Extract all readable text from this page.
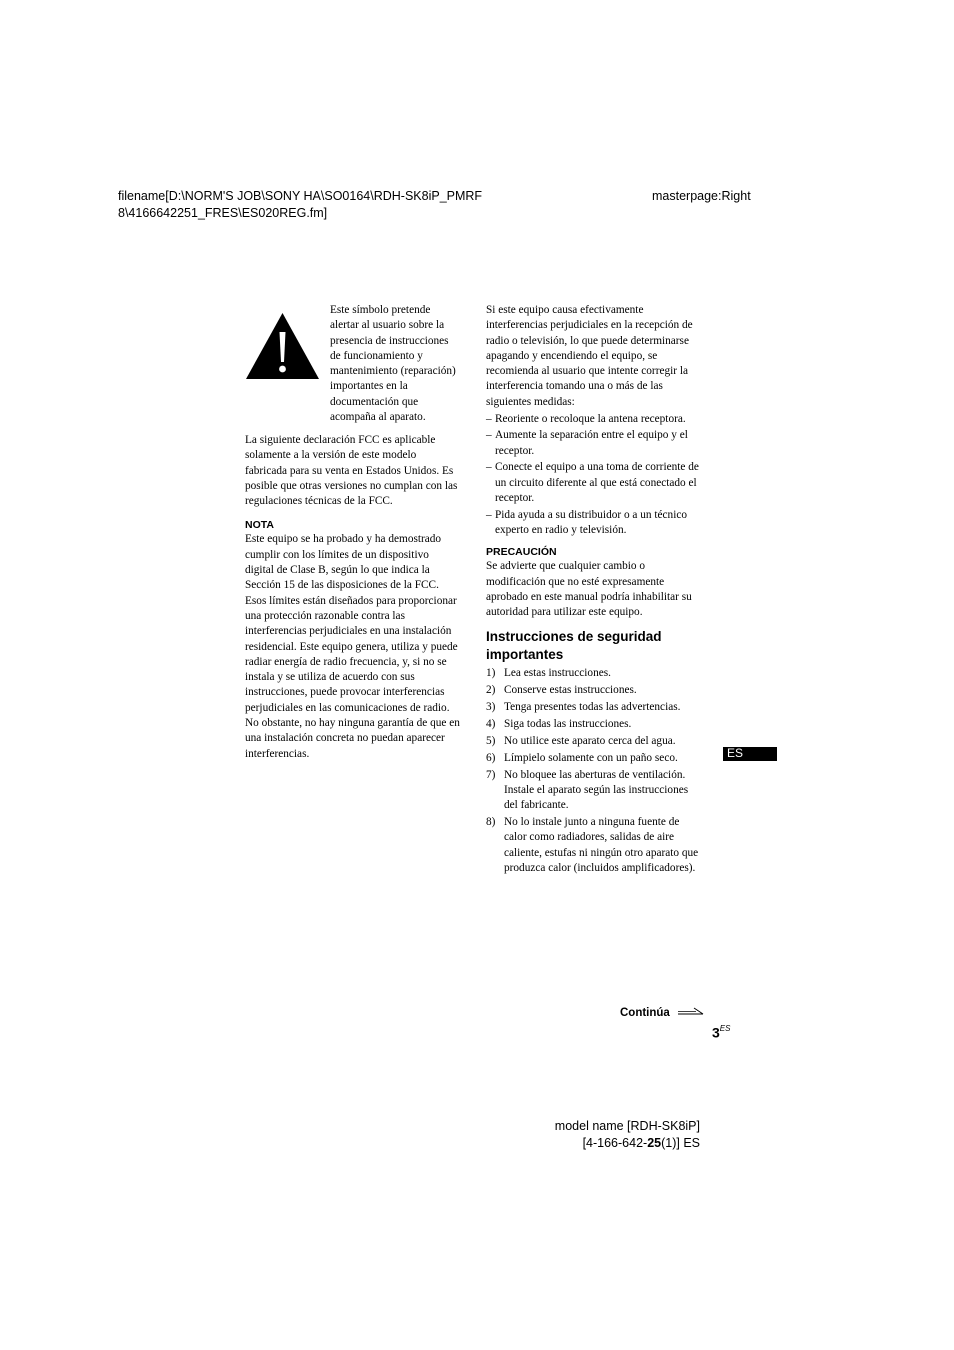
filename[D:\NORM'S JOB\SONY HA\SO0164\RDH-SK8iP_PMRF
8\4166642251_FRES\ES020REG.fm]
masterpage:Right
Este símbolo pretende alertar al usuario sobre la presencia de instrucciones de funcionamiento y mantenimiento (reparación) importantes en la documentación que acompaña al aparato.

La siguiente declaración FCC es aplicable solamente a la versión de este modelo fabricada para su venta en Estados Unidos. Es posible que otras versiones no cumplan con las regulaciones técnicas de la FCC.

NOTA

Este equipo se ha probado y ha demostrado cumplir con los límites de un dispositivo digital de Clase B, según lo que indica la Sección 15 de las disposiciones de la FCC. Esos límites están diseñados para proporcionar una protección razonable contra las interferencias perjudiciales en una instalación residencial. Este equipo genera, utiliza y puede radiar energía de radio frecuencia, y, si no se instala y se utiliza de acuerdo con sus instrucciones, puede provocar interferencias perjudiciales en las comunicaciones de radio. No obstante, no hay ninguna garantía de que en una instalación concreta no puedan aparecer interferencias.

Si este equipo causa efectivamente interferencias perjudiciales en la recepción de radio o televisión, lo que puede determinarse apagando y encendiendo el equipo, se recomienda al usuario que intente corregir la interferencia tomando una o más de las siguientes medidas:

– Reoriente o recoloque la antena receptora.
– Aumente la separación entre el equipo y el receptor.
– Conecte el equipo a una toma de corriente de un circuito diferente al que está conectado el receptor.
– Pida ayuda a su distribuidor o a un técnico experto en radio y televisión.
PRECAUCIÓN

Se advierte que cualquier cambio o modificación que no esté expresamente aprobado en este manual podría inhabilitar su autoridad para utilizar este equipo.

Instrucciones de seguridad importantes
1) Lea estas instrucciones.
2) Conserve estas instrucciones.
3) Tenga presentes todas las advertencias.
4) Siga todas las instrucciones.
5) No utilice este aparato cerca del agua.
6) Límpielo solamente con un paño seco.
7) No bloquee las aberturas de ventilación. Instale el aparato según las instrucciones del fabricante.
8) No lo instale junto a ninguna fuente de calor como radiadores, salidas de aire caliente, estufas ni ningún otro aparato que produzca calor (incluidos amplificadores).
ES
Continúa
$3^{ES}$
model name [RDH-SK8iP]
[4-166-642-25(1)] ES
